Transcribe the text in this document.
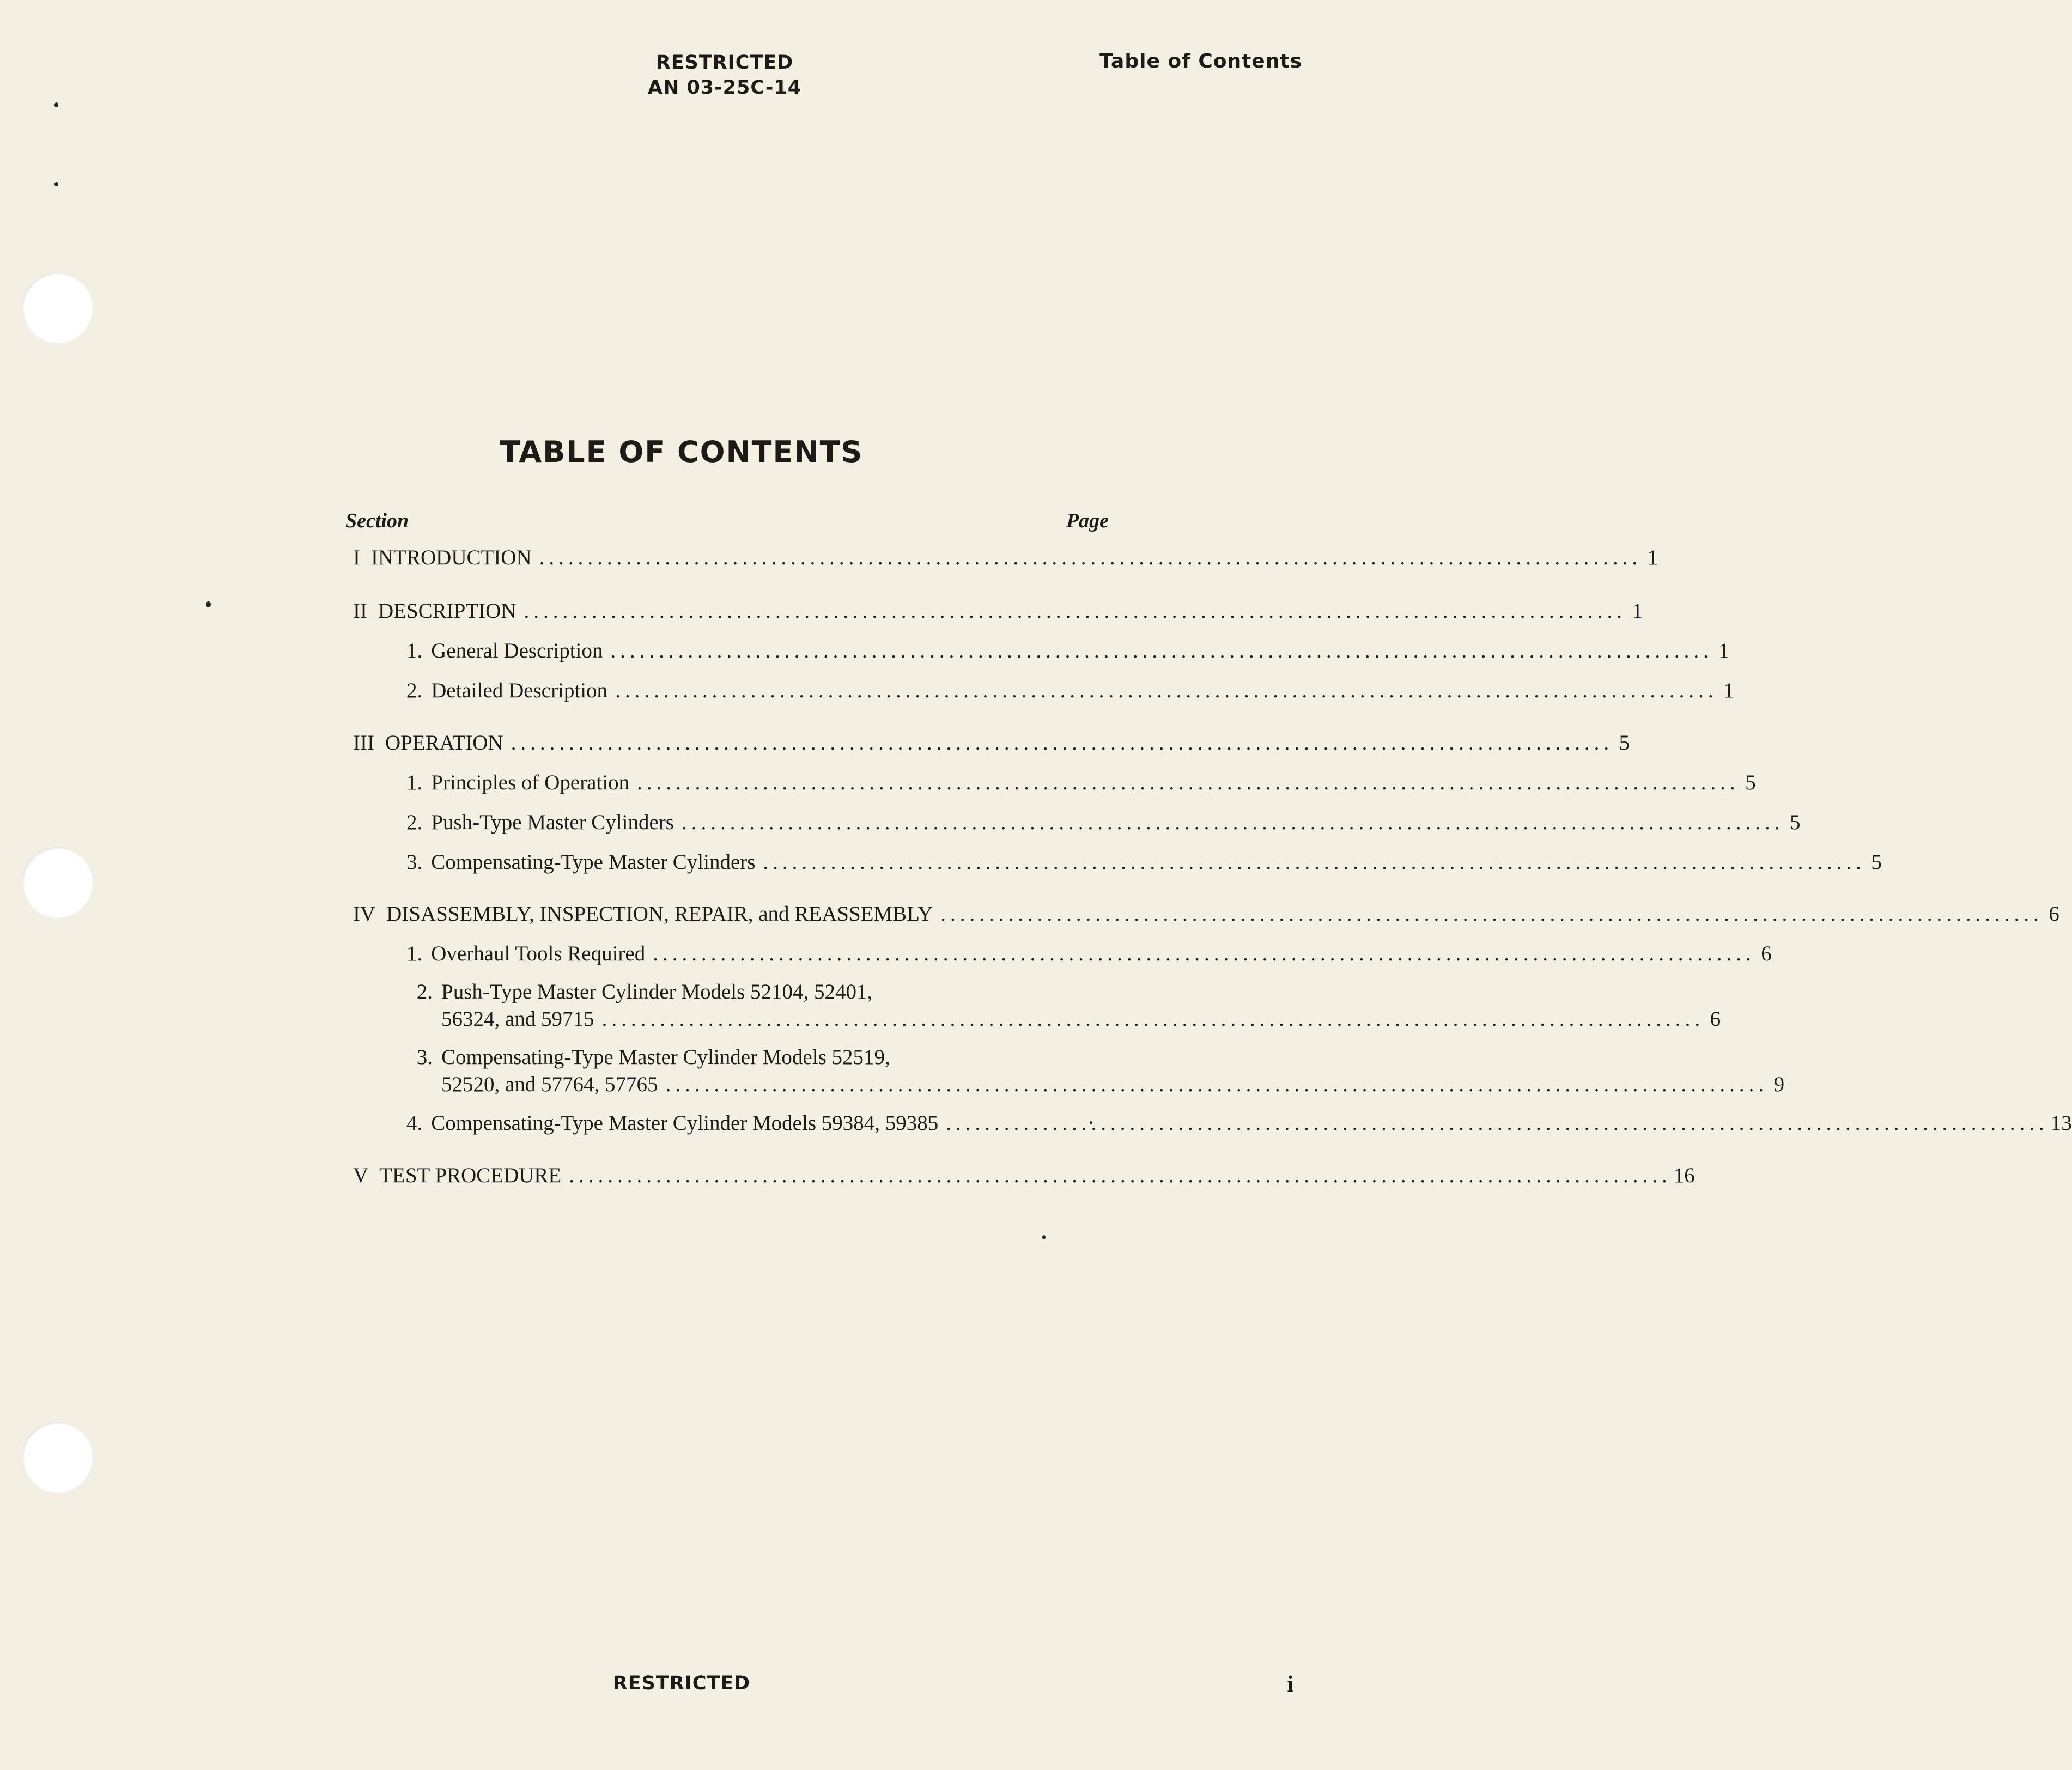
RESTRICTED
AN 03-25C-14
Table of Contents
TABLE OF CONTENTS
Section	Page
I INTRODUCTION .................................................................................................................. 1
II DESCRIPTION .................................................................................................................. 1
1. General Description .................................................................................................................. 1
2. Detailed Description .................................................................................................................. 1
III OPERATION .................................................................................................................. 5
1. Principles of Operation .................................................................................................................. 5
2. Push-Type Master Cylinders .................................................................................................................. 5
3. Compensating-Type Master Cylinders .................................................................................................................. 5
IV DISASSEMBLY, INSPECTION, REPAIR, and REASSEMBLY .................................................................................................................. 6
1. Overhaul Tools Required .................................................................................................................. 6
2. Push-Type Master Cylinder Models 52104, 52401,
56324, and 59715 .................................................................................................................. 6
3. Compensating-Type Master Cylinder Models 52519,
52520, and 57764, 57765 .................................................................................................................. 9
4. Compensating-Type Master Cylinder Models 59384, 59385 .................................................................................................................. 13
V TEST PROCEDURE .................................................................................................................. 16
RESTRICTED	i
